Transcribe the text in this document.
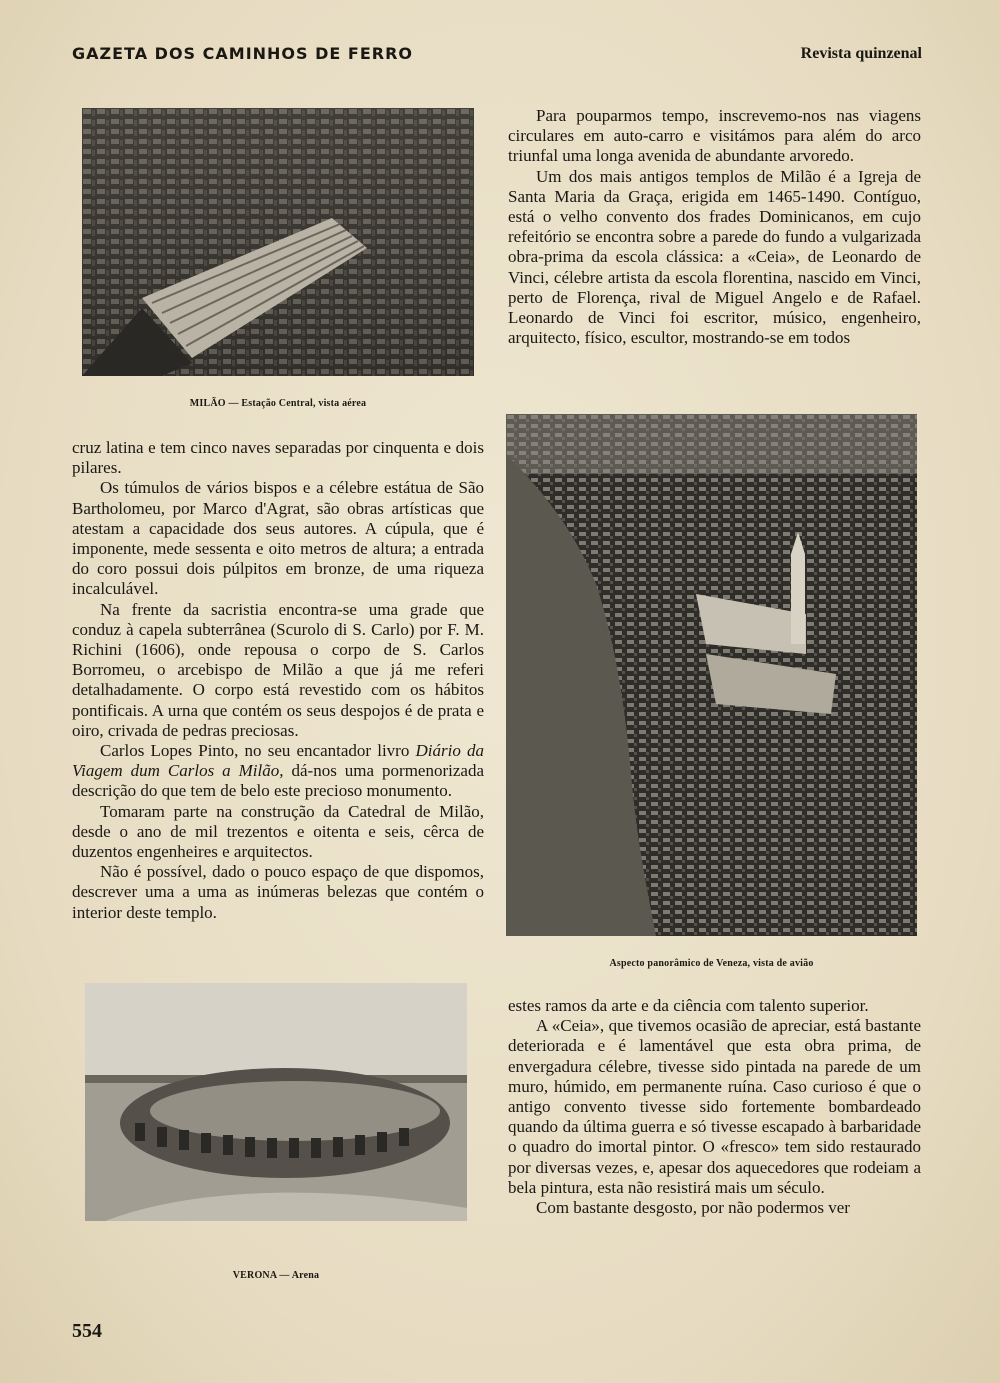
GAZETA DOS CAMINHOS DE FERRO	Revista quinzenal
MILÃO — Estação Central, vista aérea

Para pouparmos tempo, inscrevemo-nos nas viagens circulares em auto-carro e visitámos para além do arco triunfal uma longa avenida de abundante arvoredo.

Um dos mais antigos templos de Milão é a Igreja de Santa Maria da Graça, erigida em 1465-1490. Contíguo, está o velho convento dos frades Dominicanos, em cujo refeitório se encontra sobre a parede do fundo a vulgarizada obra-prima da escola clássica: a «Ceia», de Leonardo de Vinci, célebre artista da escola florentina, nascido em Vinci, perto de Florença, rival de Miguel Angelo e de Rafael. Leonardo de Vinci foi escritor, músico, engenheiro, arquitecto, físico, escultor, mostrando-se em todos

Aspecto panorâmico de Veneza, vista de avião

cruz latina e tem cinco naves separadas por cinquenta e dois pilares.

Os túmulos de vários bispos e a célebre estátua de São Bartholomeu, por Marco d'Agrat, são obras artísticas que atestam a capacidade dos seus autores. A cúpula, que é imponente, mede sessenta e oito metros de altura; a entrada do coro possui dois púlpitos em bronze, de uma riqueza incalculável.

Na frente da sacristia encontra-se uma grade que conduz à capela subterrânea (Scurolo di S. Carlo) por F. M. Richini (1606), onde repousa o corpo de S. Carlos Borromeu, o arcebispo de Milão a que já me referi detalhadamente. O corpo está revestido com os hábitos pontificais. A urna que contém os seus despojos é de prata e oiro, crivada de pedras preciosas.

Carlos Lopes Pinto, no seu encantador livro Diário da Viagem dum Carlos a Milão, dá-nos uma pormenorizada descrição do que tem de belo este precioso monumento.

Tomaram parte na construção da Catedral de Milão, desde o ano de mil trezentos e oitenta e seis, cêrca de duzentos engenheires e arquitectos.

Não é possível, dado o pouco espaço de que dispomos, descrever uma a uma as inúmeras belezas que contém o interior deste templo.

VERONA — Arena

estes ramos da arte e da ciência com talento superior.

A «Ceia», que tivemos ocasião de apreciar, está bastante deteriorada e é lamentável que esta obra prima, de envergadura célebre, tivesse sido pintada na parede de um muro, húmido, em permanente ruína. Caso curioso é que o antigo convento tivesse sido fortemente bombardeado quando da última guerra e só tivesse escapado à barbaridade o quadro do imortal pintor. O «fresco» tem sido restaurado por diversas vezes, e, apesar dos aquecedores que rodeiam a bela pintura, esta não resistirá mais um século.

Com bastante desgosto, por não podermos ver

554
